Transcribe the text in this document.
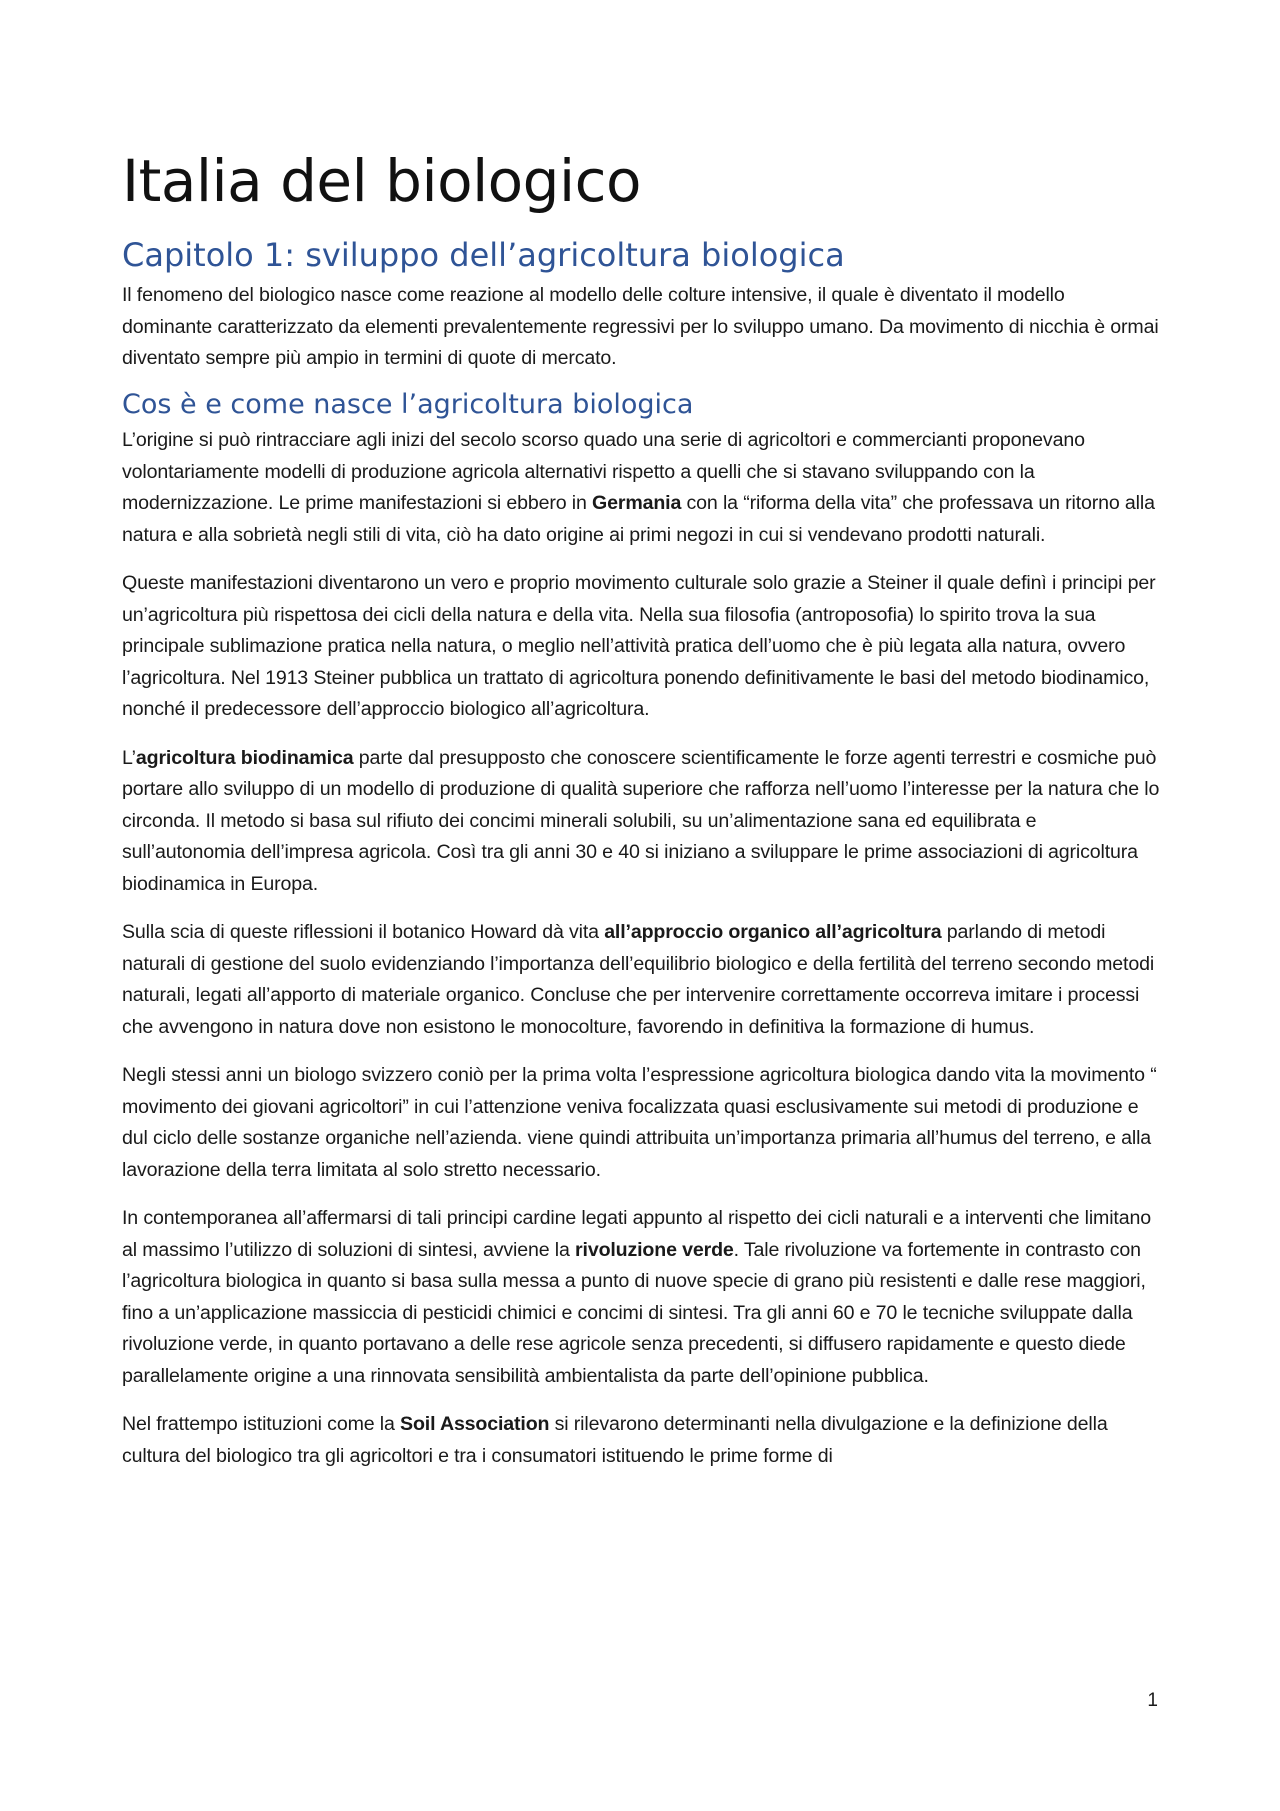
Italia del biologico
Capitolo 1: sviluppo dell’agricoltura biologica

Il fenomeno del biologico nasce come reazione al modello delle colture intensive, il quale è diventato il modello dominante caratterizzato da elementi prevalentemente regressivi per lo sviluppo umano. Da movimento di nicchia è ormai diventato sempre più ampio in termini di quote di mercato.

Cos è e come nasce l’agricoltura biologica

L’origine si può rintracciare agli inizi del secolo scorso quado una serie di agricoltori e commercianti proponevano volontariamente modelli di produzione agricola alternativi rispetto a quelli che si stavano sviluppando con la modernizzazione. Le prime manifestazioni si ebbero in Germania con la “riforma della vita” che professava un ritorno alla natura e alla sobrietà negli stili di vita, ciò ha dato origine ai primi negozi in cui si vendevano prodotti naturali.

Queste manifestazioni diventarono un vero e proprio movimento culturale solo grazie a Steiner il quale definì i principi per un’agricoltura più rispettosa dei cicli della natura e della vita. Nella sua filosofia (antroposofia) lo spirito trova la sua principale sublimazione pratica nella natura, o meglio nell’attività pratica dell’uomo che è più legata alla natura, ovvero l’agricoltura. Nel 1913 Steiner pubblica un trattato di agricoltura ponendo definitivamente le basi del metodo biodinamico, nonché il predecessore dell’approccio biologico all’agricoltura.

L’agricoltura biodinamica parte dal presupposto che conoscere scientificamente le forze agenti terrestri e cosmiche può portare allo sviluppo di un modello di produzione di qualità superiore che rafforza nell’uomo l’interesse per la natura che lo circonda. Il metodo si basa sul rifiuto dei concimi minerali solubili, su un’alimentazione sana ed equilibrata e sull’autonomia dell’impresa agricola. Così tra gli anni 30 e 40 si iniziano a sviluppare le prime associazioni di agricoltura biodinamica in Europa.

Sulla scia di queste riflessioni il botanico Howard dà vita all’approccio organico all’agricoltura parlando di metodi naturali di gestione del suolo evidenziando l’importanza dell’equilibrio biologico e della fertilità del terreno secondo metodi naturali, legati all’apporto di materiale organico. Concluse che per intervenire correttamente occorreva imitare i processi che avvengono in natura dove non esistono le monocolture, favorendo in definitiva la formazione di humus.

Negli stessi anni un biologo svizzero coniò per la prima volta l’espressione agricoltura biologica dando vita la movimento “ movimento dei giovani agricoltori” in cui l’attenzione veniva focalizzata quasi esclusivamente sui metodi di produzione e dul ciclo delle sostanze organiche nell’azienda. viene quindi attribuita un’importanza primaria all’humus del terreno, e alla lavorazione della terra limitata al solo stretto necessario.

In contemporanea all’affermarsi di tali principi cardine legati appunto al rispetto dei cicli naturali e a interventi che limitano al massimo l’utilizzo di soluzioni di sintesi, avviene la rivoluzione verde. Tale rivoluzione va fortemente in contrasto con l’agricoltura biologica in quanto si basa sulla messa a punto di nuove specie di grano più resistenti e dalle rese maggiori, fino a un’applicazione massiccia di pesticidi chimici e concimi di sintesi. Tra gli anni 60 e 70 le tecniche sviluppate dalla rivoluzione verde, in quanto portavano a delle rese agricole senza precedenti, si diffusero rapidamente e questo diede parallelamente origine a una rinnovata sensibilità ambientalista da parte dell’opinione pubblica.

Nel frattempo istituzioni come la Soil Association si rilevarono determinanti nella divulgazione e la definizione della cultura del biologico tra gli agricoltori e tra i consumatori istituendo le prime forme di

1
